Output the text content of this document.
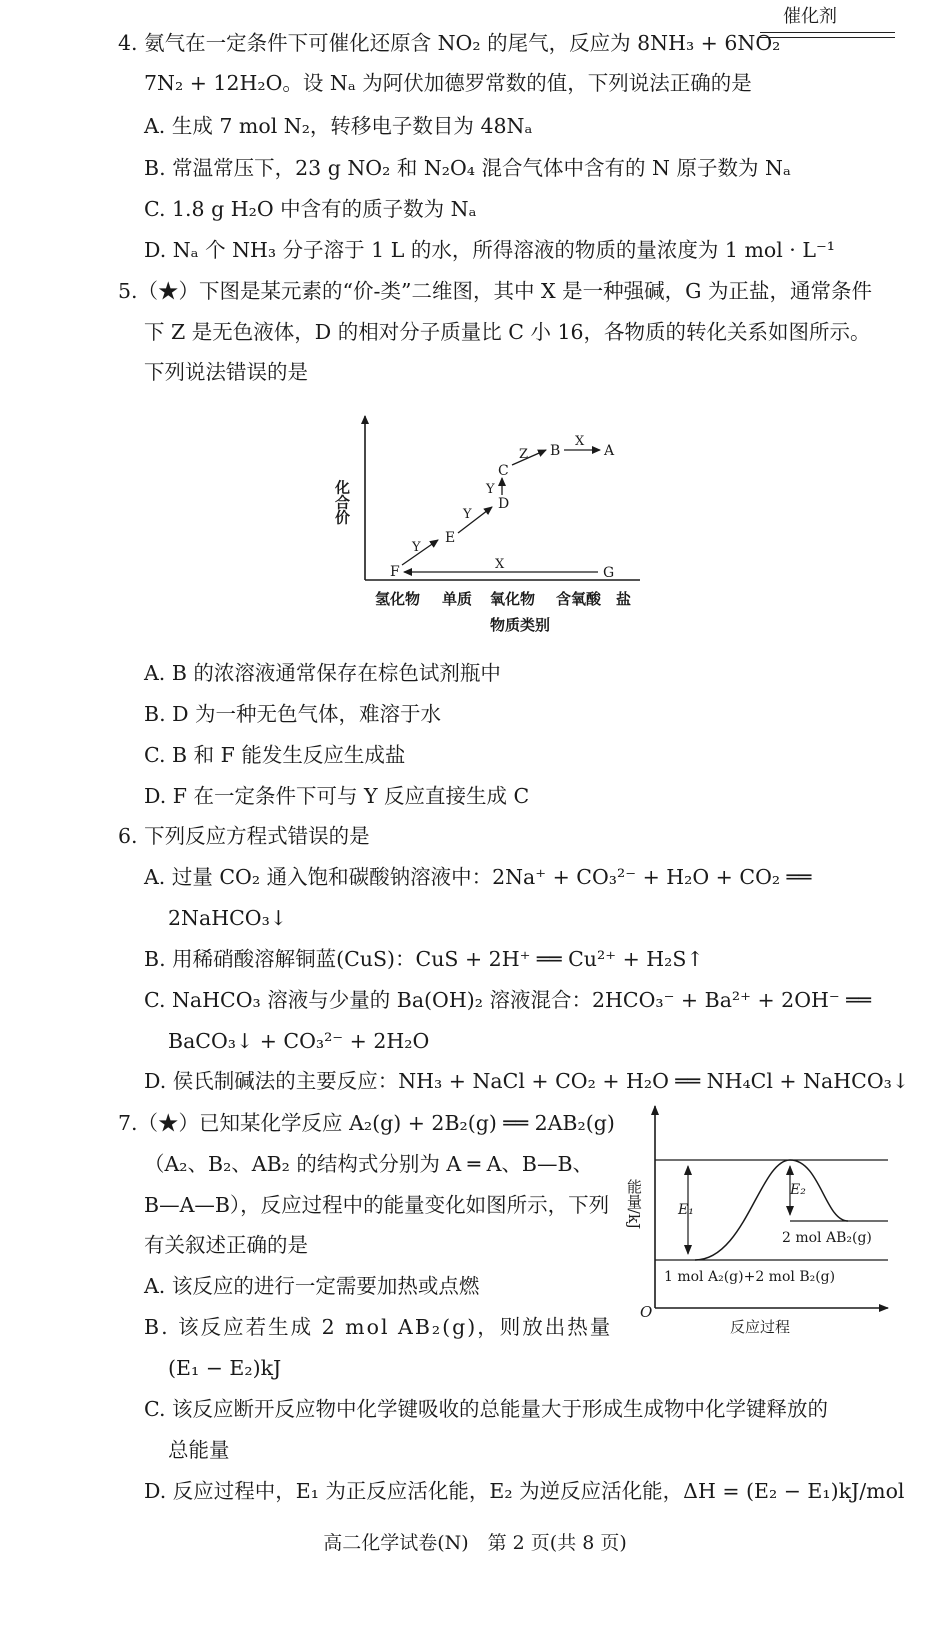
4. 氨气在一定条件下可催化还原含 NO₂ 的尾气，反应为 8NH₃ + 6NO₂
催化剂
7N₂ + 12H₂O。设 Nₐ 为阿伏加德罗常数的值，下列说法正确的是
A. 生成 7 mol N₂，转移电子数目为 48Nₐ
B. 常温常压下，23 g NO₂ 和 N₂O₄ 混合气体中含有的 N 原子数为 Nₐ
C. 1.8 g H₂O 中含有的质子数为 Nₐ
D. Nₐ 个 NH₃ 分子溶于 1 L 的水，所得溶液的物质的量浓度为 1 mol · L⁻¹
5.（★）下图是某元素的“价-类”二维图，其中 X 是一种强碱，G 为正盐，通常条件
下 Z 是无色液体，D 的相对分子质量比 C 小 16，各物质的转化关系如图所示。
下列说法错误的是
化合价
氢化物 单质 氧化物 含氧酸 盐
物质类别
F
E
D
C
B	A
G
Y
Y
Y
Z
X
X
A. B 的浓溶液通常保存在棕色试剂瓶中
B. D 为一种无色气体，难溶于水
C. B 和 F 能发生反应生成盐
D. F 在一定条件下可与 Y 反应直接生成 C
6. 下列反应方程式错误的是
A. 过量 CO₂ 通入饱和碳酸钠溶液中：2Na⁺ + CO₃²⁻ + H₂O + CO₂ ══
2NaHCO₃↓
B. 用稀硝酸溶解铜蓝(CuS)：CuS + 2H⁺ ══ Cu²⁺ + H₂S↑
C. NaHCO₃ 溶液与少量的 Ba(OH)₂ 溶液混合：2HCO₃⁻ + Ba²⁺ + 2OH⁻ ══
BaCO₃↓ + CO₃²⁻ + 2H₂O
D. 侯氏制碱法的主要反应：NH₃ + NaCl + CO₂ + H₂O ══ NH₄Cl + NaHCO₃↓
7.（★）已知某化学反应 A₂(g) + 2B₂(g) ══ 2AB₂(g)
（A₂、B₂、AB₂ 的结构式分别为 A ═ A、B—B、
B—A—B），反应过程中的能量变化如图所示，下列
有关叙述正确的是
能量/kJ
O
反应过程
E₁
E₂
2 mol AB₂(g)
1 mol A₂(g)+2 mol B₂(g)
A. 该反应的进行一定需要加热或点燃
B. 该反应若生成 2 mol AB₂(g)，则放出热量
(E₁ − E₂)kJ
C. 该反应断开反应物中化学键吸收的总能量大于形成生成物中化学键释放的
总能量
D. 反应过程中，E₁ 为正反应活化能，E₂ 为逆反应活化能，ΔH = (E₂ − E₁)kJ/mol
高二化学试卷(N)　第 2 页(共 8 页)
